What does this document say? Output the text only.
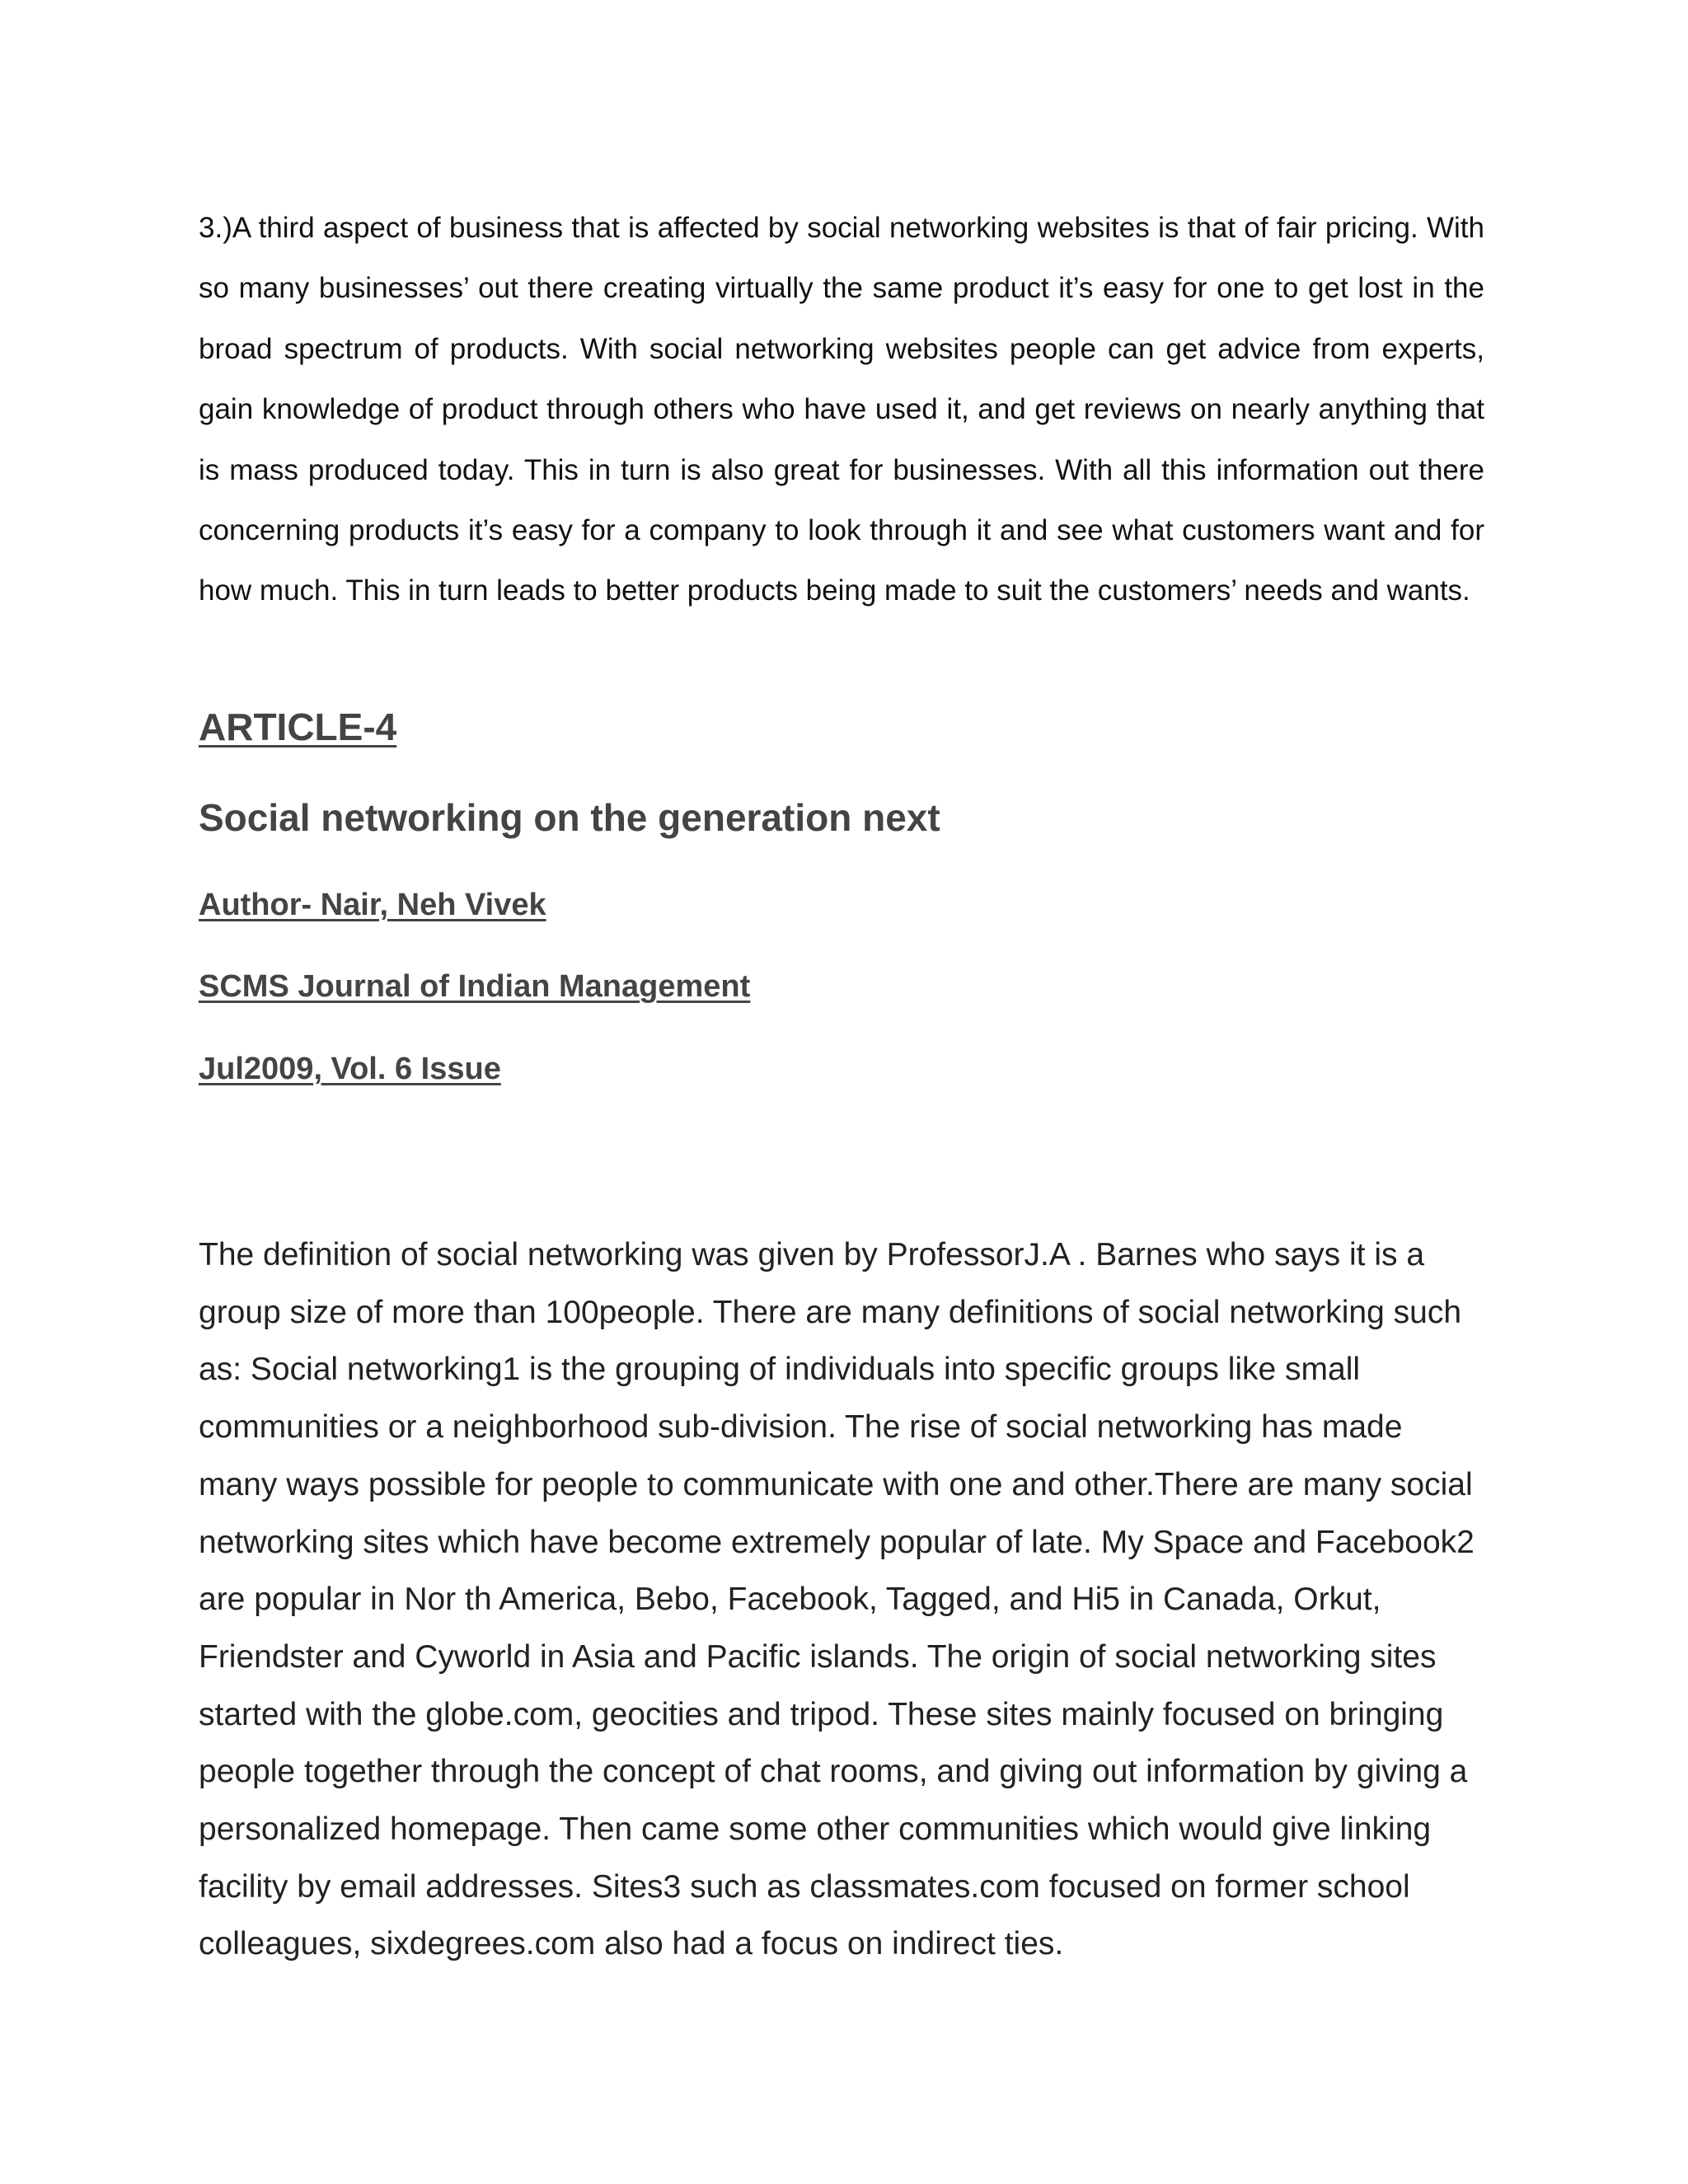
3.)A third aspect of business that is affected by social networking websites is that of fair pricing. With so many businesses’ out there creating virtually the same product it’s easy for one to get lost in the broad spectrum of products. With social networking websites people can get advice from experts, gain knowledge of product through others who have used it, and get reviews on nearly anything that is mass produced today. This in turn is also great for businesses. With all this information out there concerning products it’s easy for a company to look through it and see what customers want and for how much. This in turn leads to better products being made to suit the customers’ needs and wants.

ARTICLE-4
Social networking on the generation next

Author- Nair, Neh Vivek

SCMS Journal of Indian Management

Jul2009, Vol. 6 Issue

The definition of social networking was given by ProfessorJ.A . Barnes who says it is a group size of more than 100people. There are many definitions of social networking such as: Social networking1 is the grouping of individuals into specific groups like small communities or a neighborhood sub-division. The rise of social networking has made many ways possible for people to communicate with one and other.There are many social networking sites which have become extremely popular of late. My Space and Facebook2 are popular in Nor th America, Bebo, Facebook, Tagged, and Hi5 in Canada, Orkut, Friendster and Cyworld in Asia and Pacific islands. The origin of social networking sites started with the globe.com, geocities and tripod. These sites mainly focused on bringing people together through the concept of chat rooms, and giving out information by giving a personalized homepage. Then came some other communities which would give linking facility by email addresses. Sites3 such as classmates.com focused on former school colleagues, sixdegrees.com also had a focus on indirect ties.
